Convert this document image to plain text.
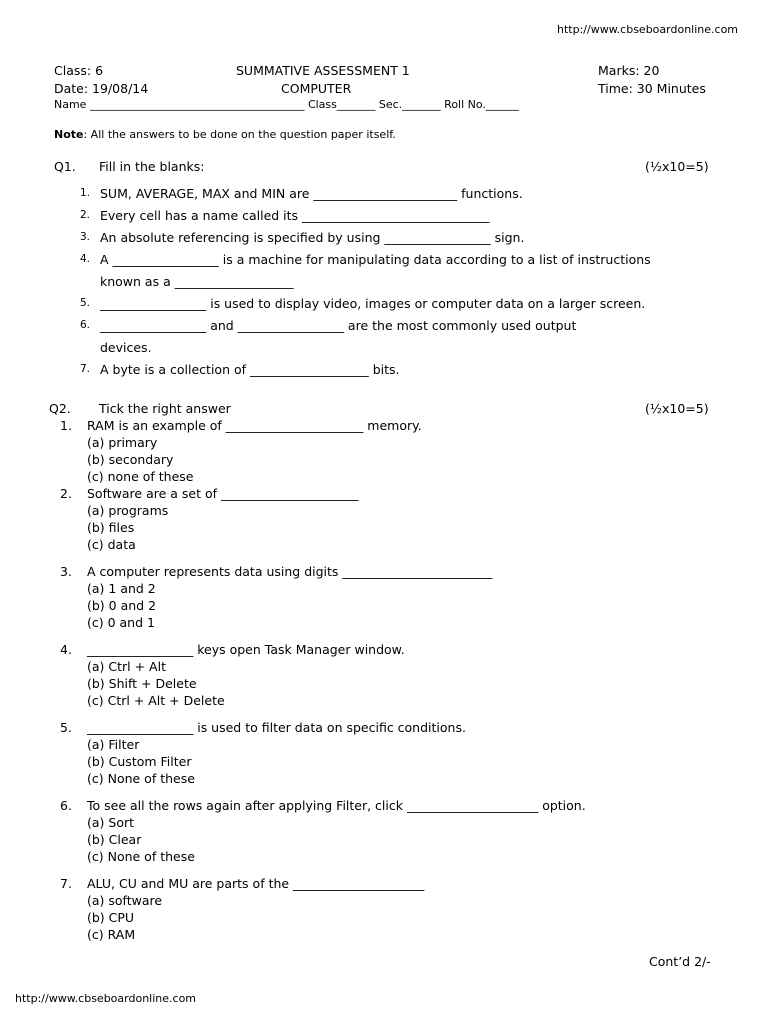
http://www.cbseboardonline.com
Class: 6	SUMMATIVE ASSESSMENT 1	Marks: 20
Date: 19/08/14	COMPUTER	Time: 30 Minutes
Name _______________________________________ Class_______ Sec._______ Roll No.______
Note: All the answers to be done on the question paper itself.
Q1. Fill in the blanks:	(½x10=5)
1. SUM, AVERAGE, MAX and MIN are _______________________ functions.
2. Every cell has a name called its ______________________________
3. An absolute referencing is specified by using _________________ sign.
4. A _________________ is a machine for manipulating data according to a list of instructions
known as a ___________________
5. _________________ is used to display video, images or computer data on a larger screen.
6. _________________ and _________________ are the most commonly used output
devices.
7. A byte is a collection of ___________________ bits.
Q2. Tick the right answer	(½x10=5)
1. RAM is an example of ______________________ memory.
(a) primary
(b) secondary
(c) none of these
2. Software are a set of ______________________
(a) programs
(b) files
(c) data
3. A computer represents data using digits ________________________
(a) 1 and 2
(b) 0 and 2
(c) 0 and 1
4. _________________ keys open Task Manager window.
(a) Ctrl + Alt
(b) Shift + Delete
(c) Ctrl + Alt + Delete
5. _________________ is used to filter data on specific conditions.
(a) Filter
(b) Custom Filter
(c) None of these
6. To see all the rows again after applying Filter, click _____________________ option.
(a) Sort
(b) Clear
(c) None of these
7. ALU, CU and MU are parts of the _____________________
(a) software
(b) CPU
(c) RAM
Cont’d 2/-
http://www.cbseboardonline.com
